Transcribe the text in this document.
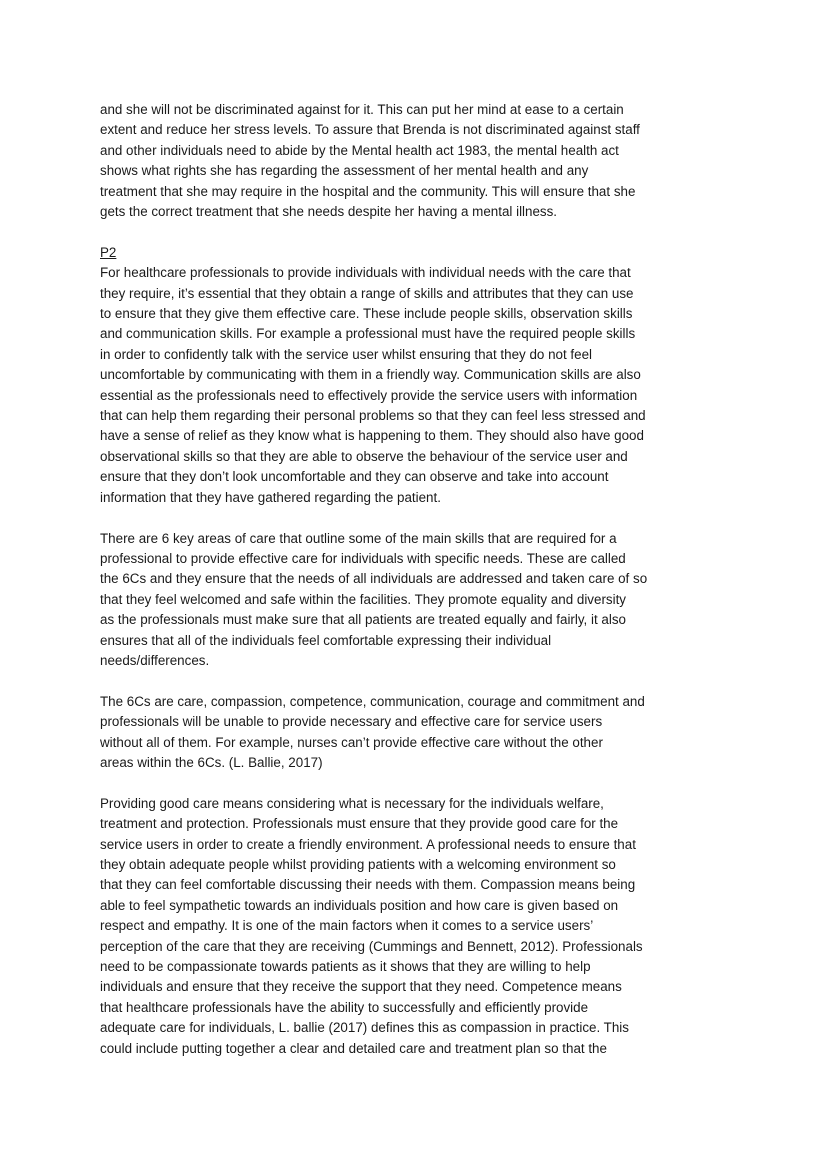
and she will not be discriminated against for it. This can put her mind at ease to a certain
extent and reduce her stress levels. To assure that Brenda is not discriminated against staff
and other individuals need to abide by the Mental health act 1983, the mental health act
shows what rights she has regarding the assessment of her mental health and any
treatment that she may require in the hospital and the community. This will ensure that she
gets the correct treatment that she needs despite her having a mental illness.

P2

For healthcare professionals to provide individuals with individual needs with the care that
they require, it’s essential that they obtain a range of skills and attributes that they can use
to ensure that they give them effective care. These include people skills, observation skills
and communication skills. For example a professional must have the required people skills
in order to confidently talk with the service user whilst ensuring that they do not feel
uncomfortable by communicating with them in a friendly way. Communication skills are also
essential as the professionals need to effectively provide the service users with information
that can help them regarding their personal problems so that they can feel less stressed and
have a sense of relief as they know what is happening to them. They should also have good
observational skills so that they are able to observe the behaviour of the service user and
ensure that they don’t look uncomfortable and they can observe and take into account
information that they have gathered regarding the patient.

There are 6 key areas of care that outline some of the main skills that are required for a
professional to provide effective care for individuals with specific needs. These are called
the 6Cs and they ensure that the needs of all individuals are addressed and taken care of so
that they feel welcomed and safe within the facilities. They promote equality and diversity
as the professionals must make sure that all patients are treated equally and fairly, it also
ensures that all of the individuals feel comfortable expressing their individual
needs/differences.

The 6Cs are care, compassion, competence, communication, courage and commitment and
professionals will be unable to provide necessary and effective care for service users
without all of them. For example, nurses can’t provide effective care without the other
areas within the 6Cs. (L. Ballie, 2017)

Providing good care means considering what is necessary for the individuals welfare,
treatment and protection. Professionals must ensure that they provide good care for the
service users in order to create a friendly environment. A professional needs to ensure that
they obtain adequate people whilst providing patients with a welcoming environment so
that they can feel comfortable discussing their needs with them. Compassion means being
able to feel sympathetic towards an individuals position and how care is given based on
respect and empathy. It is one of the main factors when it comes to a service users’
perception of the care that they are receiving (Cummings and Bennett, 2012). Professionals
need to be compassionate towards patients as it shows that they are willing to help
individuals and ensure that they receive the support that they need. Competence means
that healthcare professionals have the ability to successfully and efficiently provide
adequate care for individuals, L. ballie (2017) defines this as compassion in practice. This
could include putting together a clear and detailed care and treatment plan so that the
